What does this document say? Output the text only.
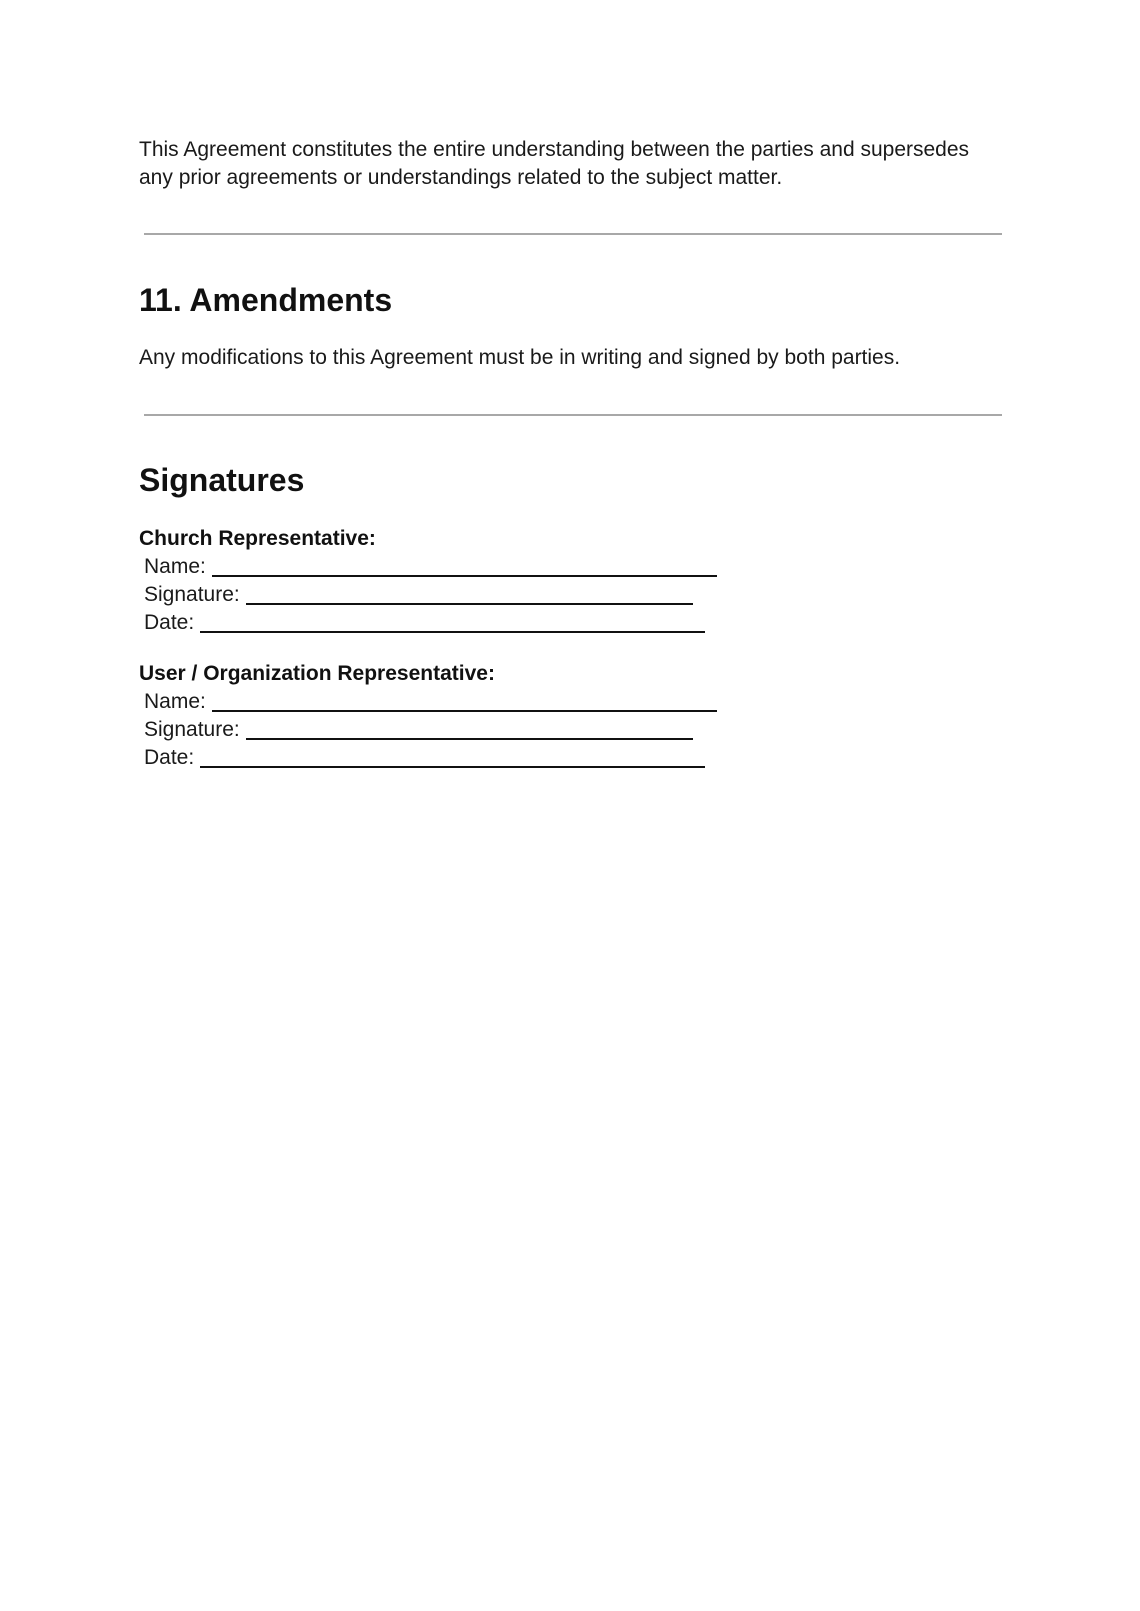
This Agreement constitutes the entire understanding between the parties and supersedes any prior agreements or understandings related to the subject matter.

11. Amendments

Any modifications to this Agreement must be in writing and signed by both parties.

Signatures
Church Representative:
Name:
Signature:
Date:
User / Organization Representative:
Name:
Signature:
Date:
